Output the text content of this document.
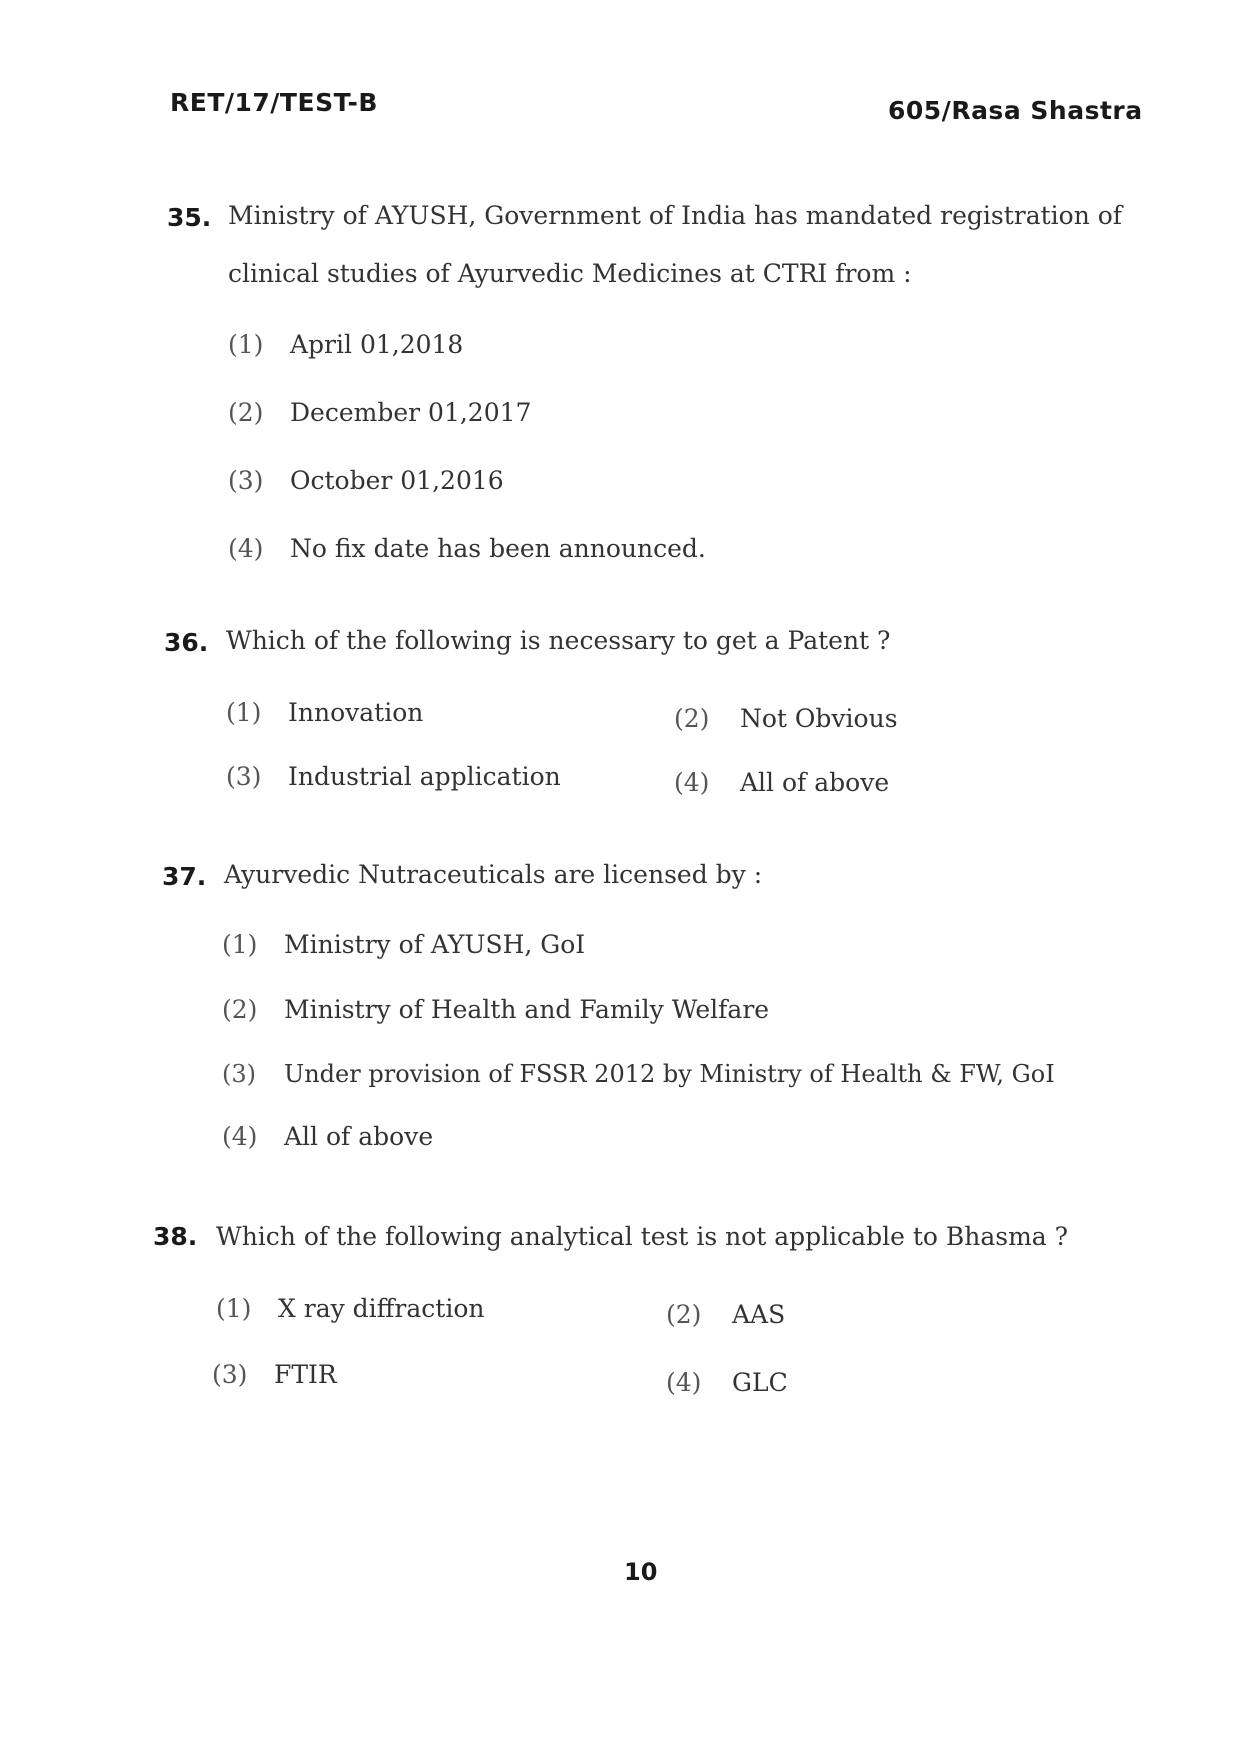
RET/17/TEST-B	605/Rasa Shastra
35. Ministry of AYUSH, Government of India has mandated registration of clinical studies of Ayurvedic Medicines at CTRI from :
(1) April 01,2018
(2) December 01,2017
(3) October 01,2016
(4) No fix date has been announced.
36. Which of the following is necessary to get a Patent ?
(1) Innovation	(2) Not Obvious
(3) Industrial application	(4) All of above
37. Ayurvedic Nutraceuticals are licensed by :
(1) Ministry of AYUSH, GoI
(2) Ministry of Health and Family Welfare
(3) Under provision of FSSR 2012 by Ministry of Health & FW, GoI
(4) All of above
38. Which of the following analytical test is not applicable to Bhasma ?
(1) X ray diffraction	(2) AAS
(3) FTIR	(4) GLC
10
